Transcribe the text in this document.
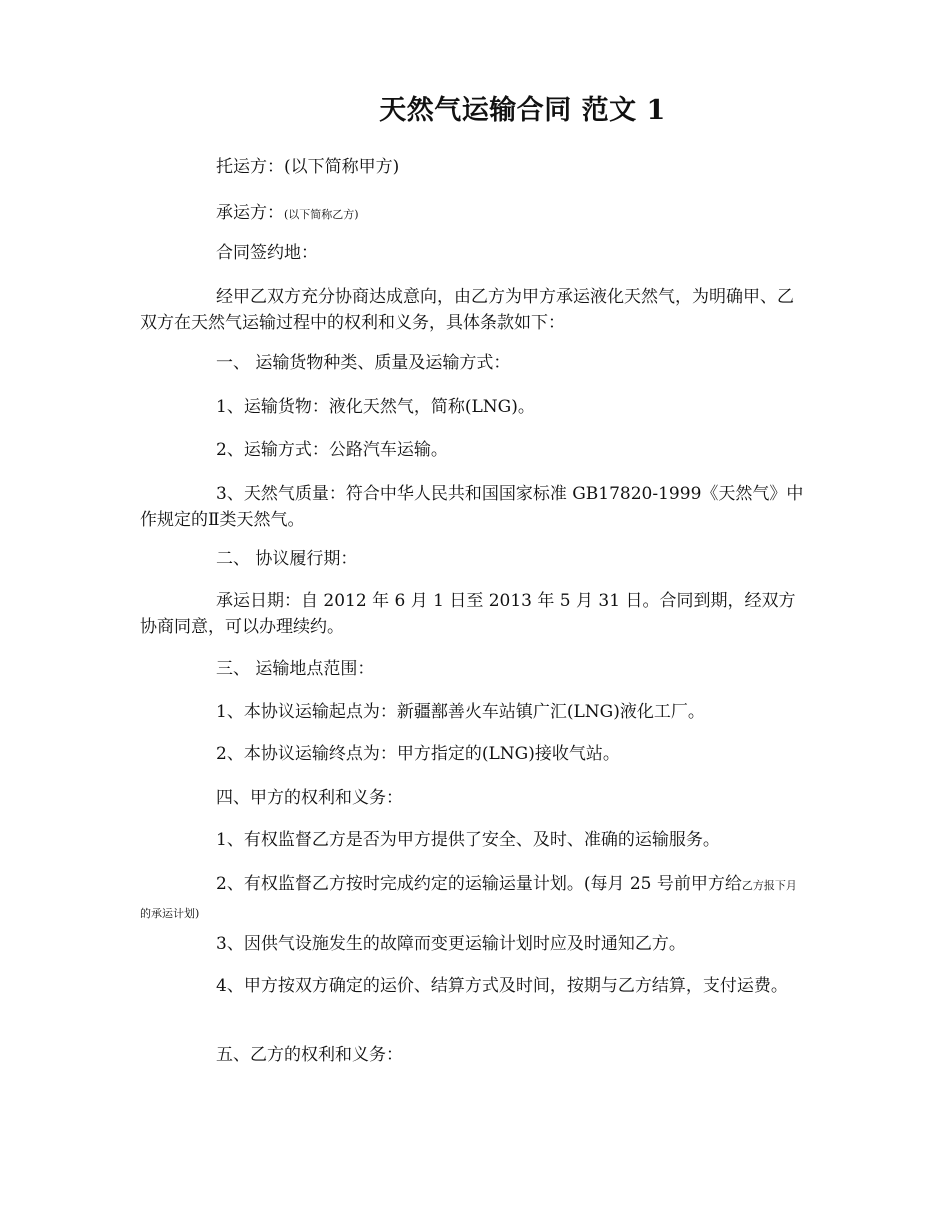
天然气运输合同 范文 1
托运方：(以下简称甲方)
承运方：(以下简称乙方)
合同签约地：
经甲乙双方充分协商达成意向，由乙方为甲方承运液化天然气，为明确甲、乙双方在天然气运输过程中的权利和义务，具体条款如下：
一、 运输货物种类、质量及运输方式：
1、运输货物：液化天然气，简称(LNG)。
2、运输方式：公路汽车运输。
3、天然气质量：符合中华人民共和国国家标准 GB17820-1999《天然气》中作规定的Ⅱ类天然气。
二、 协议履行期：
承运日期：自 2012 年 6 月 1 日至 2013 年 5 月 31 日。合同到期，经双方协商同意，可以办理续约。
三、 运输地点范围：
1、本协议运输起点为：新疆鄯善火车站镇广汇(LNG)液化工厂。
2、本协议运输终点为：甲方指定的(LNG)接收气站。
四、甲方的权利和义务：
1、有权监督乙方是否为甲方提供了安全、及时、准确的运输服务。
2、有权监督乙方按时完成约定的运输运量计划。(每月 25 号前甲方给乙方报下月的承运计划)
3、因供气设施发生的故障而变更运输计划时应及时通知乙方。
4、甲方按双方确定的运价、结算方式及时间，按期与乙方结算，支付运费。
五、乙方的权利和义务：
